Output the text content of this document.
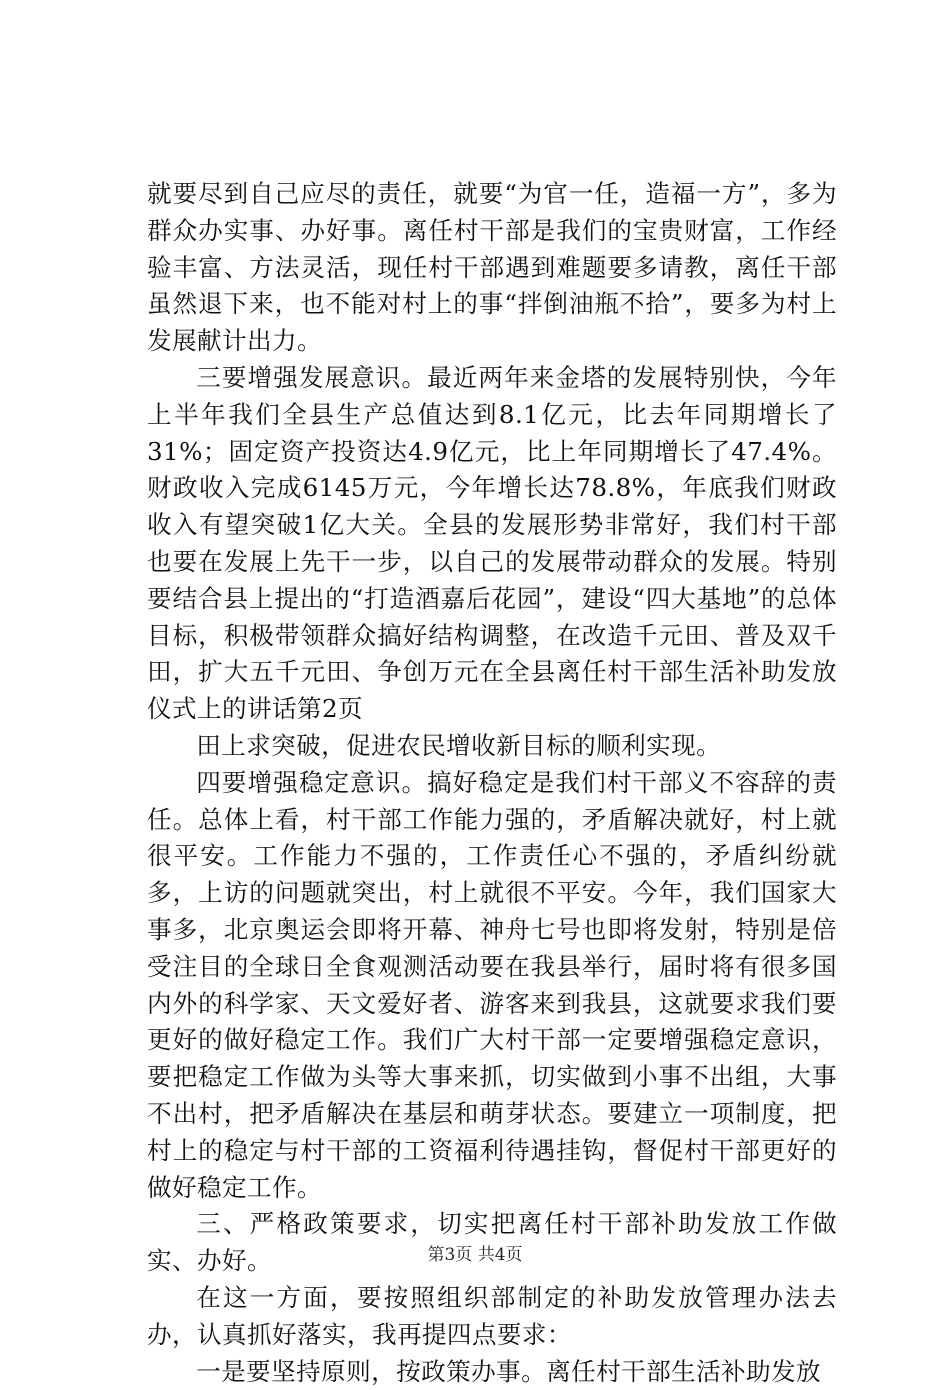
就要尽到自己应尽的责任，就要“为官一任，造福一方”，多为群众办实事、办好事。离任村干部是我们的宝贵财富，工作经验丰富、方法灵活，现任村干部遇到难题要多请教，离任干部虽然退下来，也不能对村上的事“拌倒油瓶不拾”，要多为村上发展献计出力。

三要增强发展意识。最近两年来金塔的发展特别快，今年上半年我们全县生产总值达到8.1亿元，比去年同期增长了31%；固定资产投资达4.9亿元，比上年同期增长了47.4%。财政收入完成6145万元，今年增长达78.8%，年底我们财政收入有望突破1亿大关。全县的发展形势非常好，我们村干部也要在发展上先干一步，以自己的发展带动群众的发展。特别要结合县上提出的“打造酒嘉后花园”，建设“四大基地”的总体目标，积极带领群众搞好结构调整，在改造千元田、普及双千田，扩大五千元田、争创万元在全县离任村干部生活补助发放仪式上的讲话第2页

田上求突破，促进农民增收新目标的顺利实现。

四要增强稳定意识。搞好稳定是我们村干部义不容辞的责任。总体上看，村干部工作能力强的，矛盾解决就好，村上就很平安。工作能力不强的，工作责任心不强的，矛盾纠纷就多，上访的问题就突出，村上就很不平安。今年，我们国家大事多，北京奥运会即将开幕、神舟七号也即将发射，特别是倍受注目的全球日全食观测活动要在我县举行，届时将有很多国内外的科学家、天文爱好者、游客来到我县，这就要求我们要更好的做好稳定工作。我们广大村干部一定要增强稳定意识，要把稳定工作做为头等大事来抓，切实做到小事不出组，大事不出村，把矛盾解决在基层和萌芽状态。要建立一项制度，把村上的稳定与村干部的工资福利待遇挂钩，督促村干部更好的做好稳定工作。

三、严格政策要求，切实把离任村干部补助发放工作做实、办好。

在这一方面，要按照组织部制定的补助发放管理办法去办，认真抓好落实，我再提四点要求：

一是要坚持原则，按政策办事。离任村干部生活补助发放

第3页 共4页
